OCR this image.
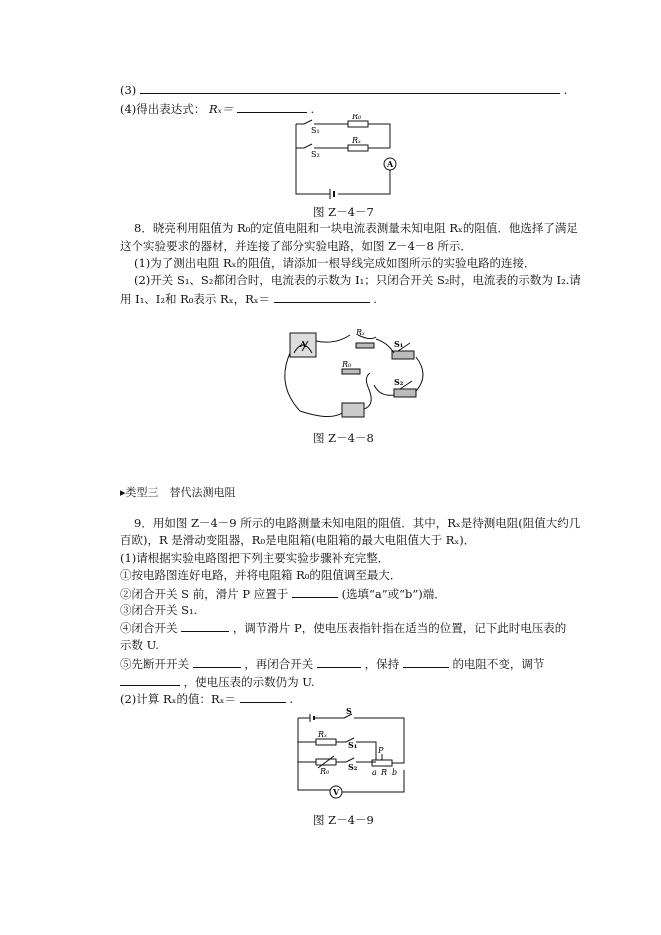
(3)	.
(4)得出表达式： Rₓ＝	.
S₁
S₂
R₀
Rₓ
A
图 Z－4－7
8．晓亮利用阻值为 R₀的定值电阻和一块电流表测量未知电阻 Rₓ的阻值．他选择了满足
这个实验要求的器材，并连接了部分实验电路，如图 Z－4－8 所示．
(1)为了测出电阻 Rₓ的阻值，请添加一根导线完成如图所示的实验电路的连接．
(2)开关 S₁、S₂都闭合时，电流表的示数为 I₁；只闭合开关 S₂时，电流表的示数为 I₂.请
用 I₁、I₂和 R₀表示 Rₓ，Rₓ＝	.
Rₓ
R₀
S₁
S₂
A
图 Z－4－8
▸类型三　替代法测电阻
9．用如图 Z－4－9 所示的电路测量未知电阻的阻值．其中，Rₓ是待测电阻(阻值大约几
百欧)，R 是滑动变阻器，R₀是电阻箱(电阻箱的最大电阻值大于 Rₓ)．
(1)请根据实验电路图把下列主要实验步骤补充完整．
①按电路图连好电路，并将电阻箱 R₀的阻值调至最大．
②闭合开关 S 前，滑片 P 应置于	(选填“a”或“b”)端．
③闭合开关 S₁.
④闭合开关	，调节滑片 P，使电压表指针指在适当的位置，记下此时电压表的
示数 U.
⑤先断开开关	，再闭合开关	，保持	的电阻不变，调节
，使电压表的示数仍为 U.
(2)计算 Rₓ的值：Rₓ＝	.
S
Rₓ
S₁
R₀ S₂
P
a R b
V
图 Z－4－9
